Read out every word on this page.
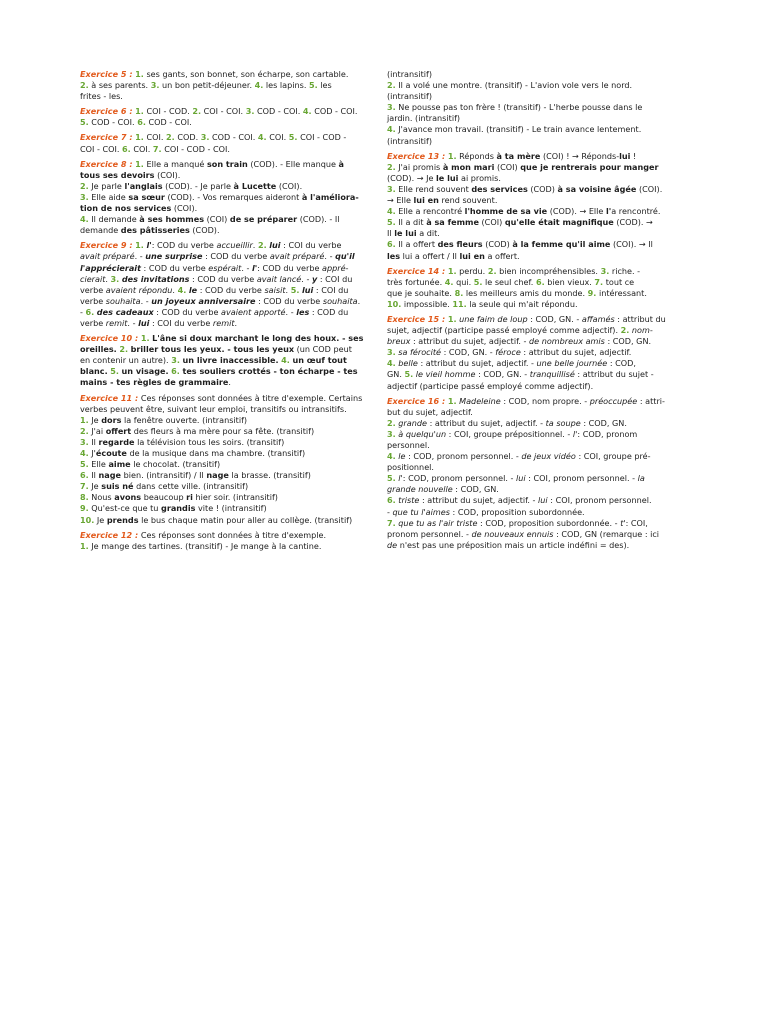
Exercice 5 : 1. ses gants, son bonnet, son écharpe, son cartable.
2. à ses parents. 3. un bon petit-déjeuner. 4. les lapins. 5. les
frites - les.
Exercice 6 : 1. COI - COD. 2. COI - COI. 3. COD - COI. 4. COD - COI.
5. COD - COI. 6. COD - COI.
Exercice 7 : 1. COI. 2. COD. 3. COD - COI. 4. COI. 5. COI - COD -
COI - COI. 6. COI. 7. COI - COD - COI.
Exercice 8 : 1. Elle a manqué son train (COD). - Elle manque à
tous ses devoirs (COI).
2. Je parle l'anglais (COD). - Je parle à Lucette (COI).
3. Elle aide sa sœur (COD). - Vos remarques aideront à l'améliora-
tion de nos services (COI).
4. Il demande à ses hommes (COI) de se préparer (COD). - Il
demande des pâtisseries (COD).
Exercice 9 : 1. l': COD du verbe accueillir. 2. lui : COI du verbe
avait préparé. - une surprise : COD du verbe avait préparé. - qu'il
l'apprécierait : COD du verbe espérait. - l': COD du verbe appré-
cierait. 3. des invitations : COD du verbe avait lancé. - y : COI du
verbe avaient répondu. 4. le : COD du verbe saisit. 5. lui : COI du
verbe souhaita. - un joyeux anniversaire : COD du verbe souhaita.
- 6. des cadeaux : COD du verbe avaient apporté. - les : COD du
verbe remit. - lui : COI du verbe remit.
Exercice 10 : 1. L'âne si doux marchant le long des houx. - ses
oreilles. 2. briller tous les yeux. - tous les yeux (un COD peut
en contenir un autre). 3. un livre inaccessible. 4. un œuf tout
blanc. 5. un visage. 6. tes souliers crottés - ton écharpe - tes
mains - tes règles de grammaire.
Exercice 11 : Ces réponses sont données à titre d'exemple. Certains
verbes peuvent être, suivant leur emploi, transitifs ou intransitifs.
1. Je dors la fenêtre ouverte. (intransitif)
2. J'ai offert des fleurs à ma mère pour sa fête. (transitif)
3. Il regarde la télévision tous les soirs. (transitif)
4. J'écoute de la musique dans ma chambre. (transitif)
5. Elle aime le chocolat. (transitif)
6. Il nage bien. (intransitif) / Il nage la brasse. (transitif)
7. Je suis né dans cette ville. (intransitif)
8. Nous avons beaucoup ri hier soir. (intransitif)
9. Qu'est-ce que tu grandis vite ! (intransitif)
10. Je prends le bus chaque matin pour aller au collège. (transitif)
Exercice 12 : Ces réponses sont données à titre d'exemple.
1. Je mange des tartines. (transitif) - Je mange à la cantine.
(intransitif)
2. Il a volé une montre. (transitif) - L'avion vole vers le nord.
(intransitif)
3. Ne pousse pas ton frère ! (transitif) - L'herbe pousse dans le
jardin. (intransitif)
4. J'avance mon travail. (transitif) - Le train avance lentement.
(intransitif)
Exercice 13 : 1. Réponds à ta mère (COI) ! → Réponds-lui !
2. J'ai promis à mon mari (COI) que je rentrerais pour manger
(COD). → Je le lui ai promis.
3. Elle rend souvent des services (COD) à sa voisine âgée (COI).
→ Elle lui en rend souvent.
4. Elle a rencontré l'homme de sa vie (COD). → Elle l'a rencontré.
5. Il a dit à sa femme (COI) qu'elle était magnifique (COD). →
Il le lui a dit.
6. Il a offert des fleurs (COD) à la femme qu'il aime (COI). → Il
les lui a offert / Il lui en a offert.
Exercice 14 : 1. perdu. 2. bien incompréhensibles. 3. riche. -
très fortunée. 4. qui. 5. le seul chef. 6. bien vieux. 7. tout ce
que je souhaite. 8. les meilleurs amis du monde. 9. intéressant.
10. impossible. 11. la seule qui m'ait répondu.
Exercice 15 : 1. une faim de loup : COD, GN. - affamés : attribut du
sujet, adjectif (participe passé employé comme adjectif). 2. nom-
breux : attribut du sujet, adjectif. - de nombreux amis : COD, GN.
3. sa férocité : COD, GN. - féroce : attribut du sujet, adjectif.
4. belle : attribut du sujet, adjectif. - une belle journée : COD,
GN. 5. le vieil homme : COD, GN. - tranquillisé : attribut du sujet -
adjectif (participe passé employé comme adjectif).
Exercice 16 : 1. Madeleine : COD, nom propre. - préoccupée : attri-
but du sujet, adjectif.
2. grande : attribut du sujet, adjectif. - ta soupe : COD, GN.
3. à quelqu'un : COI, groupe prépositionnel. - l': COD, pronom
personnel.
4. le : COD, pronom personnel. - de jeux vidéo : COI, groupe pré-
positionnel.
5. l': COD, pronom personnel. - lui : COI, pronom personnel. - la
grande nouvelle : COD, GN.
6. triste : attribut du sujet, adjectif. - lui : COI, pronom personnel.
- que tu l'aimes : COD, proposition subordonnée.
7. que tu as l'air triste : COD, proposition subordonnée. - t': COI,
pronom personnel. - de nouveaux ennuis : COD, GN (remarque : ici
de n'est pas une préposition mais un article indéfini = des).
